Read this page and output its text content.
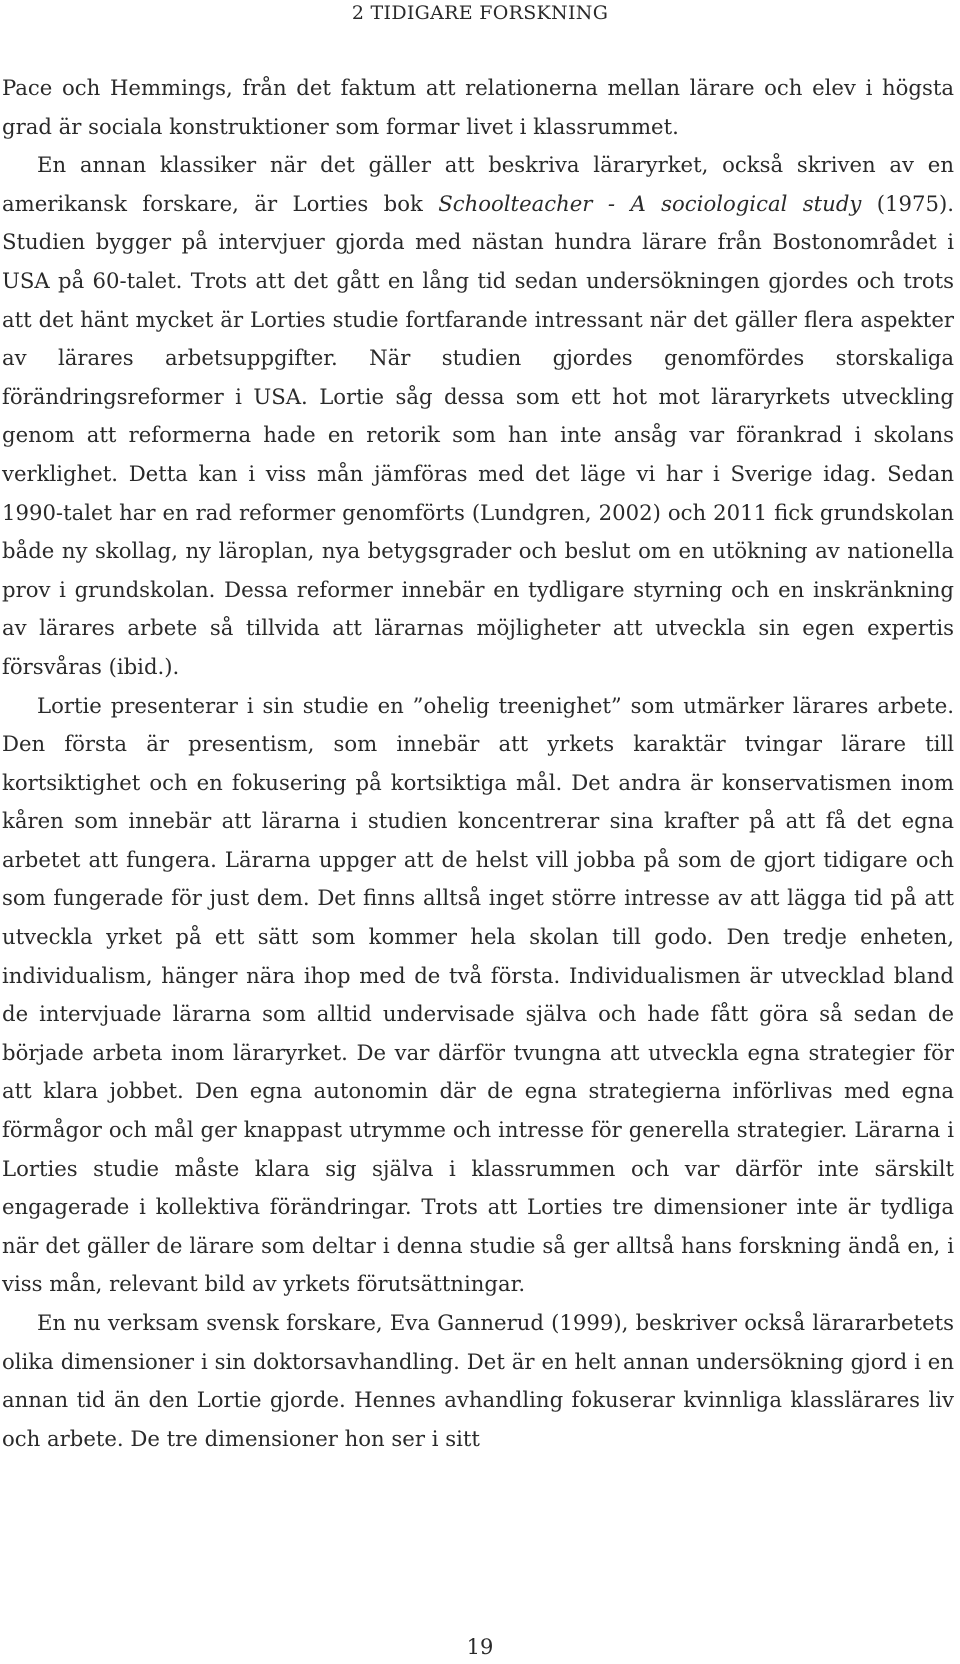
2 TIDIGARE FORSKNING

Pace och Hemmings, från det faktum att relationerna mellan lärare och elev i högsta grad är sociala konstruktioner som formar livet i klassrummet.

En annan klassiker när det gäller att beskriva läraryrket, också skriven av en amerikansk forskare, är Lorties bok Schoolteacher - A sociological study (1975). Studien bygger på intervjuer gjorda med nästan hundra lärare från Bostonområdet i USA på 60-talet. Trots att det gått en lång tid sedan undersökningen gjordes och trots att det hänt mycket är Lorties studie fortfarande intressant när det gäller flera aspekter av lärares arbetsuppgifter. När studien gjordes genomfördes storskaliga förändringsreformer i USA. Lortie såg dessa som ett hot mot läraryrkets utveckling genom att reformerna hade en retorik som han inte ansåg var förankrad i skolans verklighet. Detta kan i viss mån jämföras med det läge vi har i Sverige idag. Sedan 1990-talet har en rad reformer genomförts (Lundgren, 2002) och 2011 fick grundskolan både ny skollag, ny läroplan, nya betygsgrader och beslut om en utökning av nationella prov i grundskolan. Dessa reformer innebär en tydligare styrning och en inskränkning av lärares arbete så tillvida att lärarnas möjligheter att utveckla sin egen expertis försvåras (ibid.).

Lortie presenterar i sin studie en ”ohelig treenighet” som utmärker lärares arbete. Den första är presentism, som innebär att yrkets karaktär tvingar lärare till kortsiktighet och en fokusering på kortsiktiga mål. Det andra är konservatismen inom kåren som innebär att lärarna i studien koncentrerar sina krafter på att få det egna arbetet att fungera. Lärarna uppger att de helst vill jobba på som de gjort tidigare och som fungerade för just dem. Det finns alltså inget större intresse av att lägga tid på att utveckla yrket på ett sätt som kommer hela skolan till godo. Den tredje enheten, individualism, hänger nära ihop med de två första. Individualismen är utvecklad bland de intervjuade lärarna som alltid undervisade själva och hade fått göra så sedan de började arbeta inom läraryrket. De var därför tvungna att utveckla egna strategier för att klara jobbet. Den egna autonomin där de egna strategierna införlivas med egna förmågor och mål ger knappast utrymme och intresse för generella strategier. Lärarna i Lorties studie måste klara sig själva i klassrummen och var därför inte särskilt engagerade i kollektiva förändringar. Trots att Lorties tre dimensioner inte är tydliga när det gäller de lärare som deltar i denna studie så ger alltså hans forskning ändå en, i viss mån, relevant bild av yrkets förutsättningar.

En nu verksam svensk forskare, Eva Gannerud (1999), beskriver också lärararbetets olika dimensioner i sin doktorsavhandling. Det är en helt annan undersökning gjord i en annan tid än den Lortie gjorde. Hennes avhandling fokuserar kvinnliga klasslärares liv och arbete. De tre dimensioner hon ser i sitt

19
